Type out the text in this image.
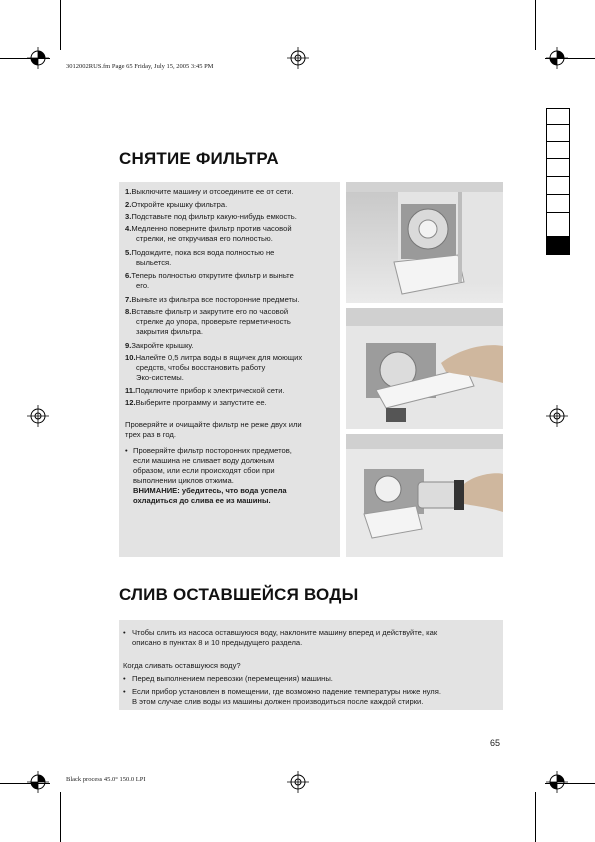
3012002RUS.fm Page 65 Friday, July 15, 2005 3:45 PM
Black process 45.0° 150.0 LPI
СНЯТИЕ ФИЛЬТРА
1.Выключите машину и отсоедините ее от сети.
2.Откройте крышку фильтра.
3.Подставьте под фильтр какую-нибудь емкость.
4.Медленно поверните фильтр против часовой
стрелки, не откручивая его полностью.
5.Подождите, пока вся вода полностью не
выльется.
6.Теперь полностью открутите фильтр и выньте
его.
7.Выньте из фильтра все посторонние предметы.
8.Вставьте фильтр и закрутите его по часовой
стрелке до упора, проверьте герметичность
закрытия фильтра.
9.Закройте крышку.
10.Налейте 0,5 литра воды в ящичек для моющих
средств, чтобы восстановить работу
Эко-системы.
11.Подключите прибор к электрической сети.
12.Выберите программу и запустите ее.
Проверяйте и очищайте фильтр не реже двух или
трех раз в год.
• Проверяйте фильтр посторонних предметов,
если машина не сливает воду должным
образом, или если происходят сбои при
выполнении циклов отжима.
ВНИМАНИЕ: убедитесь, что вода успела
охладиться до слива ее из машины.
СЛИВ ОСТАВШЕЙСЯ ВОДЫ
• Чтобы слить из насоса оставшуюся воду, наклоните машину вперед и действуйте, как
описано в пунктах 8 и 10 предыдущего раздела.
Когда сливать оставшуюся воду?
• Перед выполнением перевозки (перемещения) машины.
• Если прибор установлен в помещении, где возможно падение температуры ниже нуля.
В этом случае слив воды из машины должен производиться после каждой стирки.
65
